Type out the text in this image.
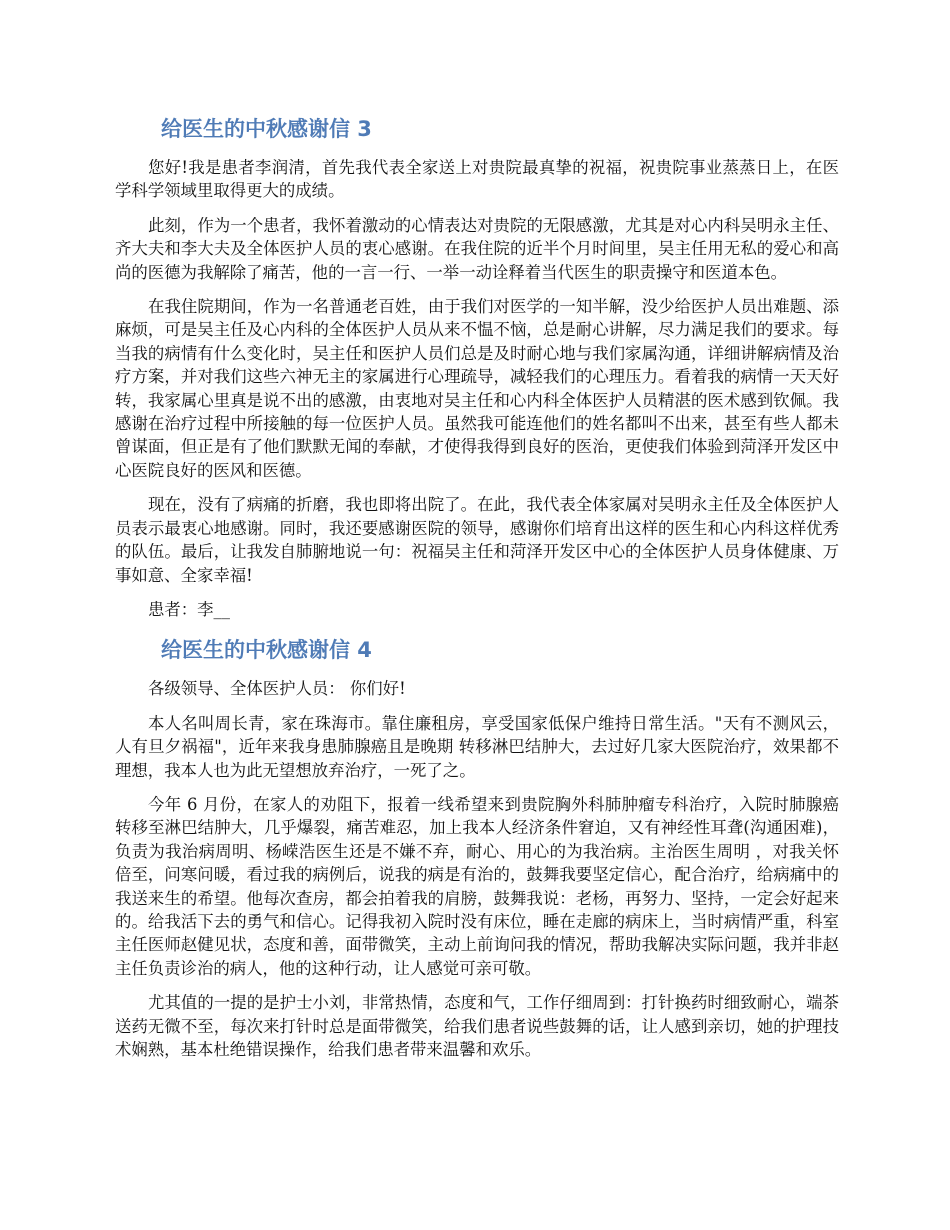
给医生的中秋感谢信 3

您好!我是患者李润清，首先我代表全家送上对贵院最真挚的祝福，祝贵院事业蒸蒸日上，在医学科学领域里取得更大的成绩。

此刻，作为一个患者，我怀着激动的心情表达对贵院的无限感激，尤其是对心内科吴明永主任、齐大夫和李大夫及全体医护人员的衷心感谢。在我住院的近半个月时间里，吴主任用无私的爱心和高尚的医德为我解除了痛苦，他的一言一行、一举一动诠释着当代医生的职责操守和医道本色。

在我住院期间，作为一名普通老百姓，由于我们对医学的一知半解，没少给医护人员出难题、添麻烦，可是吴主任及心内科的全体医护人员从来不愠不恼，总是耐心讲解，尽力满足我们的要求。每当我的病情有什么变化时，吴主任和医护人员们总是及时耐心地与我们家属沟通，详细讲解病情及治疗方案，并对我们这些六神无主的家属进行心理疏导，减轻我们的心理压力。看着我的病情一天天好转，我家属心里真是说不出的感激，由衷地对吴主任和心内科全体医护人员精湛的医术感到钦佩。我感谢在治疗过程中所接触的每一位医护人员。虽然我可能连他们的姓名都叫不出来，甚至有些人都未曾谋面，但正是有了他们默默无闻的奉献，才使得我得到良好的医治，更使我们体验到菏泽开发区中心医院良好的医风和医德。

现在，没有了病痛的折磨，我也即将出院了。在此，我代表全体家属对吴明永主任及全体医护人员表示最衷心地感谢。同时，我还要感谢医院的领导，感谢你们培育出这样的医生和心内科这样优秀的队伍。最后，让我发自肺腑地说一句：祝福吴主任和菏泽开发区中心的全体医护人员身体健康、万事如意、全家幸福!

患者：李__

给医生的中秋感谢信 4

各级领导、全体医护人员： 你们好!

本人名叫周长青，家在珠海市。靠住廉租房，享受国家低保户维持日常生活。"天有不测风云，人有旦夕祸福"，近年来我身患肺腺癌且是晚期 转移淋巴结肿大，去过好几家大医院治疗，效果都不理想，我本人也为此无望想放弃治疗，一死了之。

今年 6 月份，在家人的劝阻下，报着一线希望来到贵院胸外科肺肿瘤专科治疗，入院时肺腺癌转移至淋巴结肿大，几乎爆裂，痛苦难忍，加上我本人经济条件窘迫，又有神经性耳聋(沟通困难)，负责为我治病周明、杨嵘浩医生还是不嫌不弃，耐心、用心的为我治病。主治医生周明 ，对我关怀倍至，问寒问暖，看过我的病例后，说我的病是有治的，鼓舞我要坚定信心，配合治疗，给病痛中的我送来生的希望。他每次查房，都会拍着我的肩膀，鼓舞我说：老杨，再努力、坚持，一定会好起来的。给我活下去的勇气和信心。记得我初入院时没有床位，睡在走廊的病床上，当时病情严重，科室主任医师赵健见状，态度和善，面带微笑，主动上前询问我的情况，帮助我解决实际问题，我并非赵主任负责诊治的病人，他的这种行动，让人感觉可亲可敬。

尤其值的一提的是护士小刘，非常热情，态度和气，工作仔细周到：打针换药时细致耐心，端茶送药无微不至，每次来打针时总是面带微笑，给我们患者说些鼓舞的话，让人感到亲切，她的护理技术娴熟，基本杜绝错误操作，给我们患者带来温馨和欢乐。
